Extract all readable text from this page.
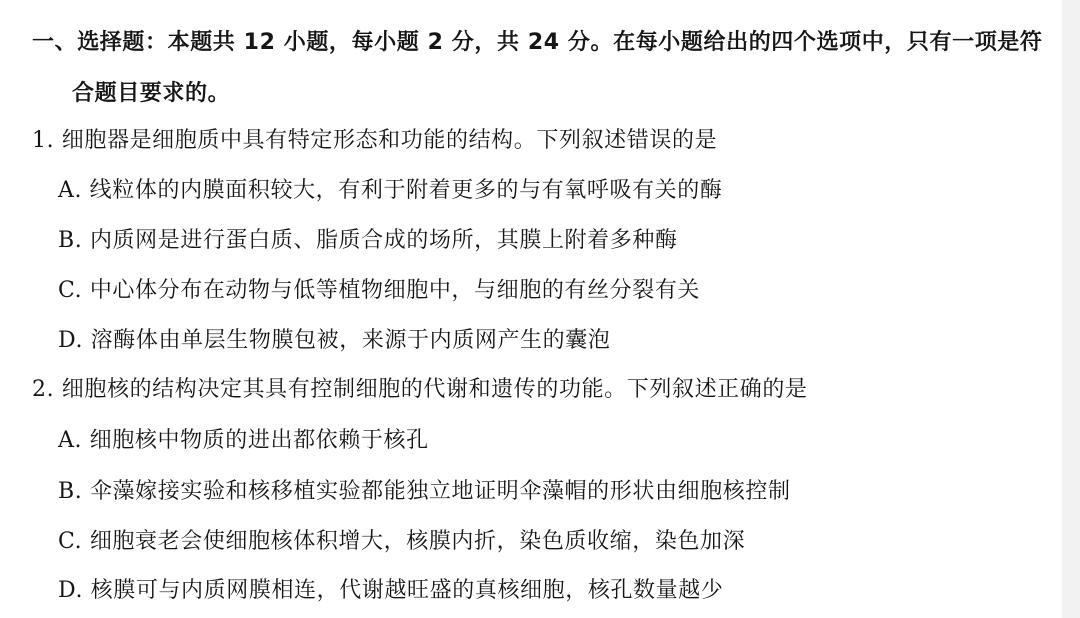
一、选择题：本题共 12 小题，每小题 2 分，共 24 分。在每小题给出的四个选项中，只有一项是符
合题目要求的。
1. 细胞器是细胞质中具有特定形态和功能的结构。下列叙述错误的是
A. 线粒体的内膜面积较大，有利于附着更多的与有氧呼吸有关的酶
B. 内质网是进行蛋白质、脂质合成的场所，其膜上附着多种酶
C. 中心体分布在动物与低等植物细胞中，与细胞的有丝分裂有关
D. 溶酶体由单层生物膜包被，来源于内质网产生的囊泡
2. 细胞核的结构决定其具有控制细胞的代谢和遗传的功能。下列叙述正确的是
A. 细胞核中物质的进出都依赖于核孔
B. 伞藻嫁接实验和核移植实验都能独立地证明伞藻帽的形状由细胞核控制
C. 细胞衰老会使细胞核体积增大，核膜内折，染色质收缩，染色加深
D. 核膜可与内质网膜相连，代谢越旺盛的真核细胞，核孔数量越少
